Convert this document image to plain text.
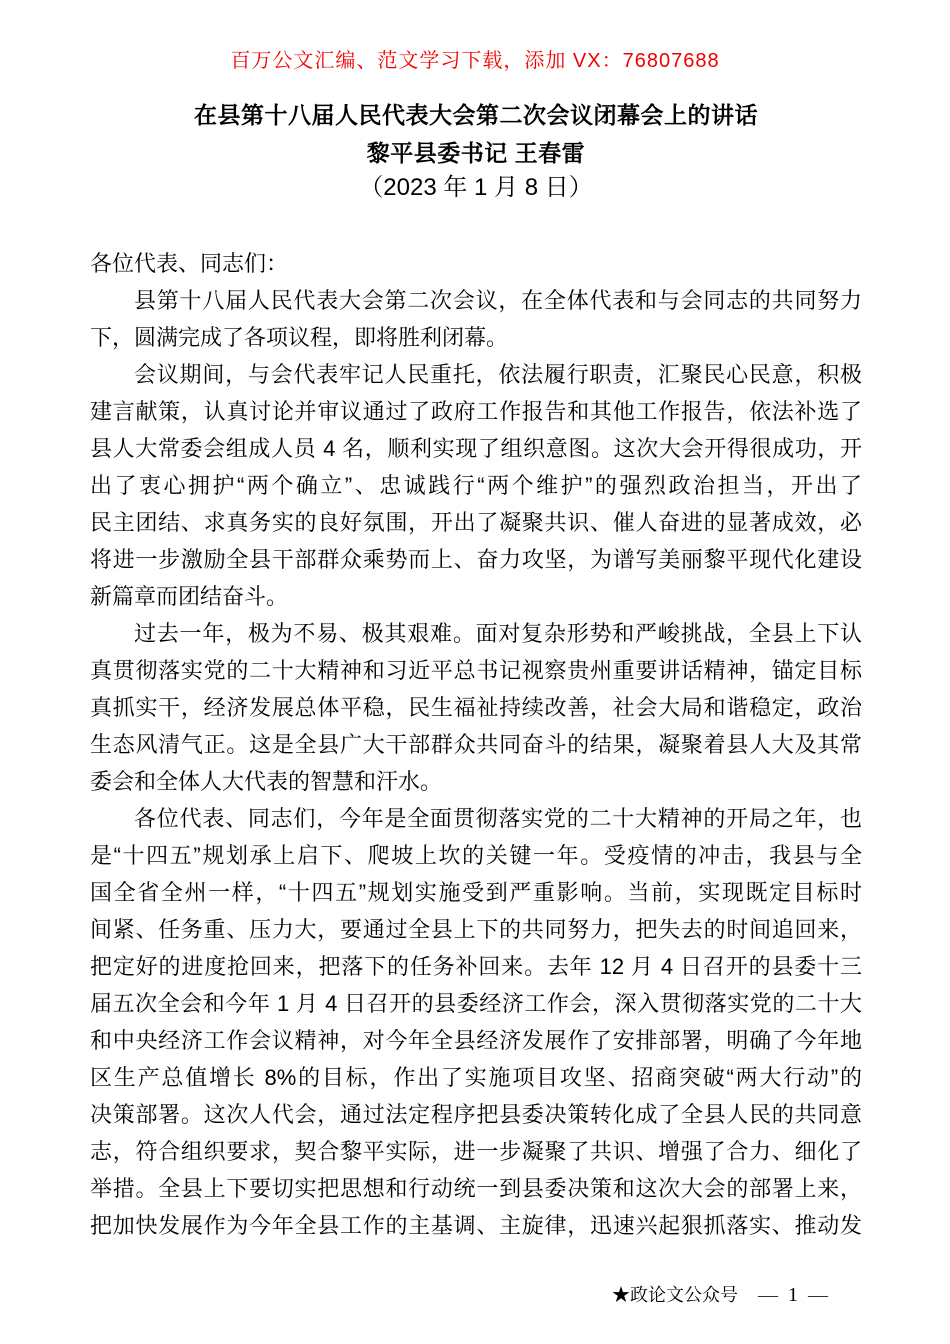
百万公文汇编、范文学习下载，添加 VX：76807688
在县第十八届人民代表大会第二次会议闭幕会上的讲话
黎平县委书记 王春雷
（2023 年 1 月 8 日）
各位代表、同志们：
县第十八届人民代表大会第二次会议，在全体代表和与会同志的共同努力
下，圆满完成了各项议程，即将胜利闭幕。
会议期间，与会代表牢记人民重托，依法履行职责，汇聚民心民意，积极
建言献策，认真讨论并审议通过了政府工作报告和其他工作报告，依法补选了
县人大常委会组成人员 4 名，顺利实现了组织意图。这次大会开得很成功，开
出了衷心拥护“两个确立”、忠诚践行“两个维护”的强烈政治担当，开出了
民主团结、求真务实的良好氛围，开出了凝聚共识、催人奋进的显著成效，必
将进一步激励全县干部群众乘势而上、奋力攻坚，为谱写美丽黎平现代化建设
新篇章而团结奋斗。
过去一年，极为不易、极其艰难。面对复杂形势和严峻挑战，全县上下认
真贯彻落实党的二十大精神和习近平总书记视察贵州重要讲话精神，锚定目标
真抓实干，经济发展总体平稳，民生福祉持续改善，社会大局和谐稳定，政治
生态风清气正。这是全县广大干部群众共同奋斗的结果，凝聚着县人大及其常
委会和全体人大代表的智慧和汗水。
各位代表、同志们，今年是全面贯彻落实党的二十大精神的开局之年，也
是“十四五”规划承上启下、爬坡上坎的关键一年。受疫情的冲击，我县与全
国全省全州一样，“十四五”规划实施受到严重影响。当前，实现既定目标时
间紧、任务重、压力大，要通过全县上下的共同努力，把失去的时间追回来，
把定好的进度抢回来，把落下的任务补回来。去年 12 月 4 日召开的县委十三
届五次全会和今年 1 月 4 日召开的县委经济工作会，深入贯彻落实党的二十大
和中央经济工作会议精神，对今年全县经济发展作了安排部署，明确了今年地
区生产总值增长 8%的目标，作出了实施项目攻坚、招商突破“两大行动”的
决策部署。这次人代会，通过法定程序把县委决策转化成了全县人民的共同意
志，符合组织要求，契合黎平实际，进一步凝聚了共识、增强了合力、细化了
举措。全县上下要切实把思想和行动统一到县委决策和这次大会的部署上来，
把加快发展作为今年全县工作的主基调、主旋律，迅速兴起狠抓落实、推动发
★政论文公众号 — 1 —
